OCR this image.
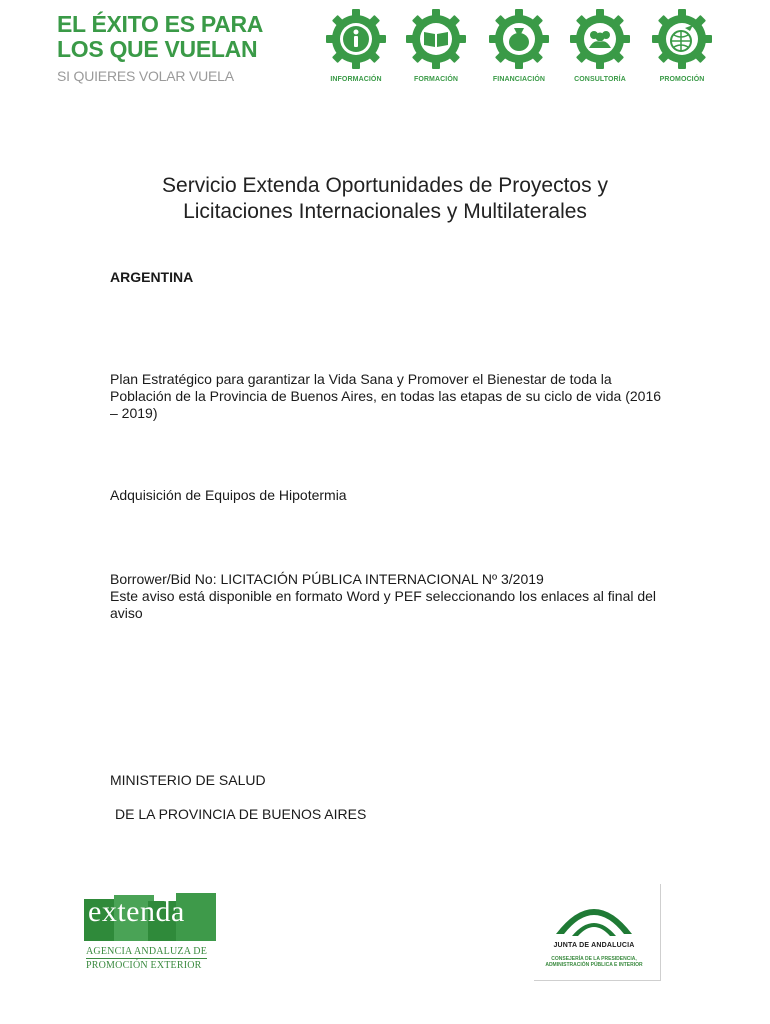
EL ÉXITO ES PARA
LOS QUE VUELAN
SI QUIERES VOLAR VUELA	INFORMACIÓN	FORMACIÓN	FINANCIACIÓN	CONSULTORÍA	PROMOCIÓN
Servicio Extenda Oportunidades de Proyectos y
Licitaciones Internacionales y Multilaterales
ARGENTINA
Plan Estratégico para garantizar la Vida Sana y Promover el Bienestar de toda la Población de la Provincia de Buenos Aires, en todas las etapas de su ciclo de vida (2016 – 2019)
Adquisición de Equipos de Hipotermia
Borrower/Bid No: LICITACIÓN PÚBLICA INTERNACIONAL Nº 3/2019
Este aviso está disponible en formato Word y PEF seleccionando los enlaces al final del aviso
MINISTERIO DE SALUD
DE LA PROVINCIA DE BUENOS AIRES
extenda
AGENCIA ANDALUZA DE
PROMOCIÓN EXTERIOR
JUNTA DE ANDALUCIA
CONSEJERÍA DE LA PRESIDENCIA,
ADMINISTRACIÓN PÚBLICA E INTERIOR
